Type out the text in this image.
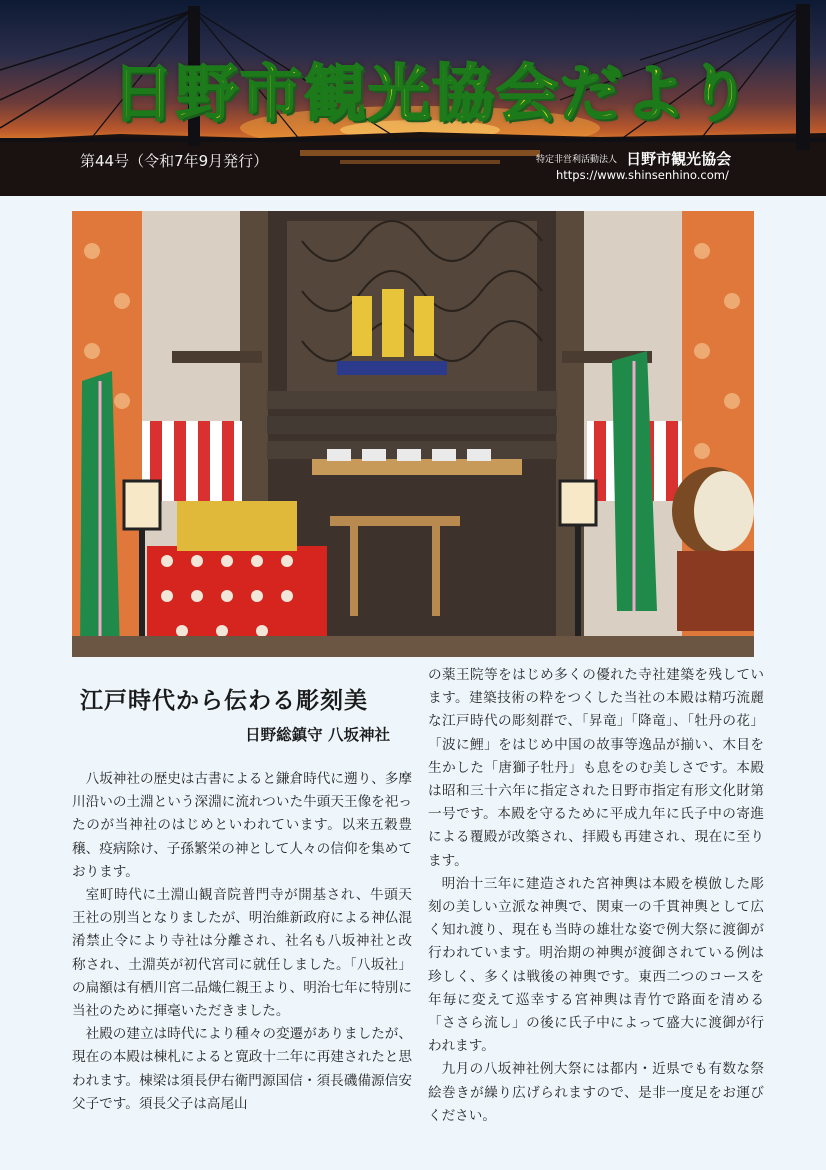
日野市観光協会だより
第44号（令和7年9月発行）	特定非営利活動法人 日野市観光協会
https://www.shinsenhino.com/
江戸時代から伝わる彫刻美
日野総鎮守 八坂神社

八坂神社の歴史は古書によると鎌倉時代に遡り、多摩川沿いの土淵という深淵に流れついた牛頭天王像を祀ったのが当神社のはじめといわれています。以来五穀豊穣、疫病除け、子孫繁栄の神として人々の信仰を集めております。

室町時代に土淵山観音院普門寺が開基され、牛頭天王社の別当となりましたが、明治維新政府による神仏混淆禁止令により寺社は分離され、社名も八坂神社と改称され、土淵英が初代宮司に就任しました。「八坂社」の扁額は有栖川宮二品熾仁親王より、明治七年に特別に当社のために揮毫いただきました。

社殿の建立は時代により種々の変遷がありましたが、現在の本殿は棟札によると寛政十二年に再建されたと思われます。棟梁は須長伊右衛門源国信・須長磯備源信安父子です。須長父子は高尾山

の薬王院等をはじめ多くの優れた寺社建築を残しています。建築技術の粋をつくした当社の本殿は精巧流麗な江戸時代の彫刻群で、「昇竜」「降竜」、「牡丹の花」「波に鯉」をはじめ中国の故事等逸品が揃い、木目を生かした「唐獅子牡丹」も息をのむ美しさです。本殿は昭和三十六年に指定された日野市指定有形文化財第一号です。本殿を守るために平成九年に氏子中の寄進による覆殿が改築され、拝殿も再建され、現在に至ります。

明治十三年に建造された宮神輿は本殿を模倣した彫刻の美しい立派な神輿で、関東一の千貫神輿として広く知れ渡り、現在も当時の雄壮な姿で例大祭に渡御が行われています。明治期の神輿が渡御されている例は珍しく、多くは戦後の神輿です。東西二つのコースを年毎に変えて巡幸する宮神輿は青竹で路面を清める「ささら流し」の後に氏子中によって盛大に渡御が行われます。

九月の八坂神社例大祭には都内・近県でも有数な祭絵巻きが繰り広げられますので、是非一度足をお運びください。
